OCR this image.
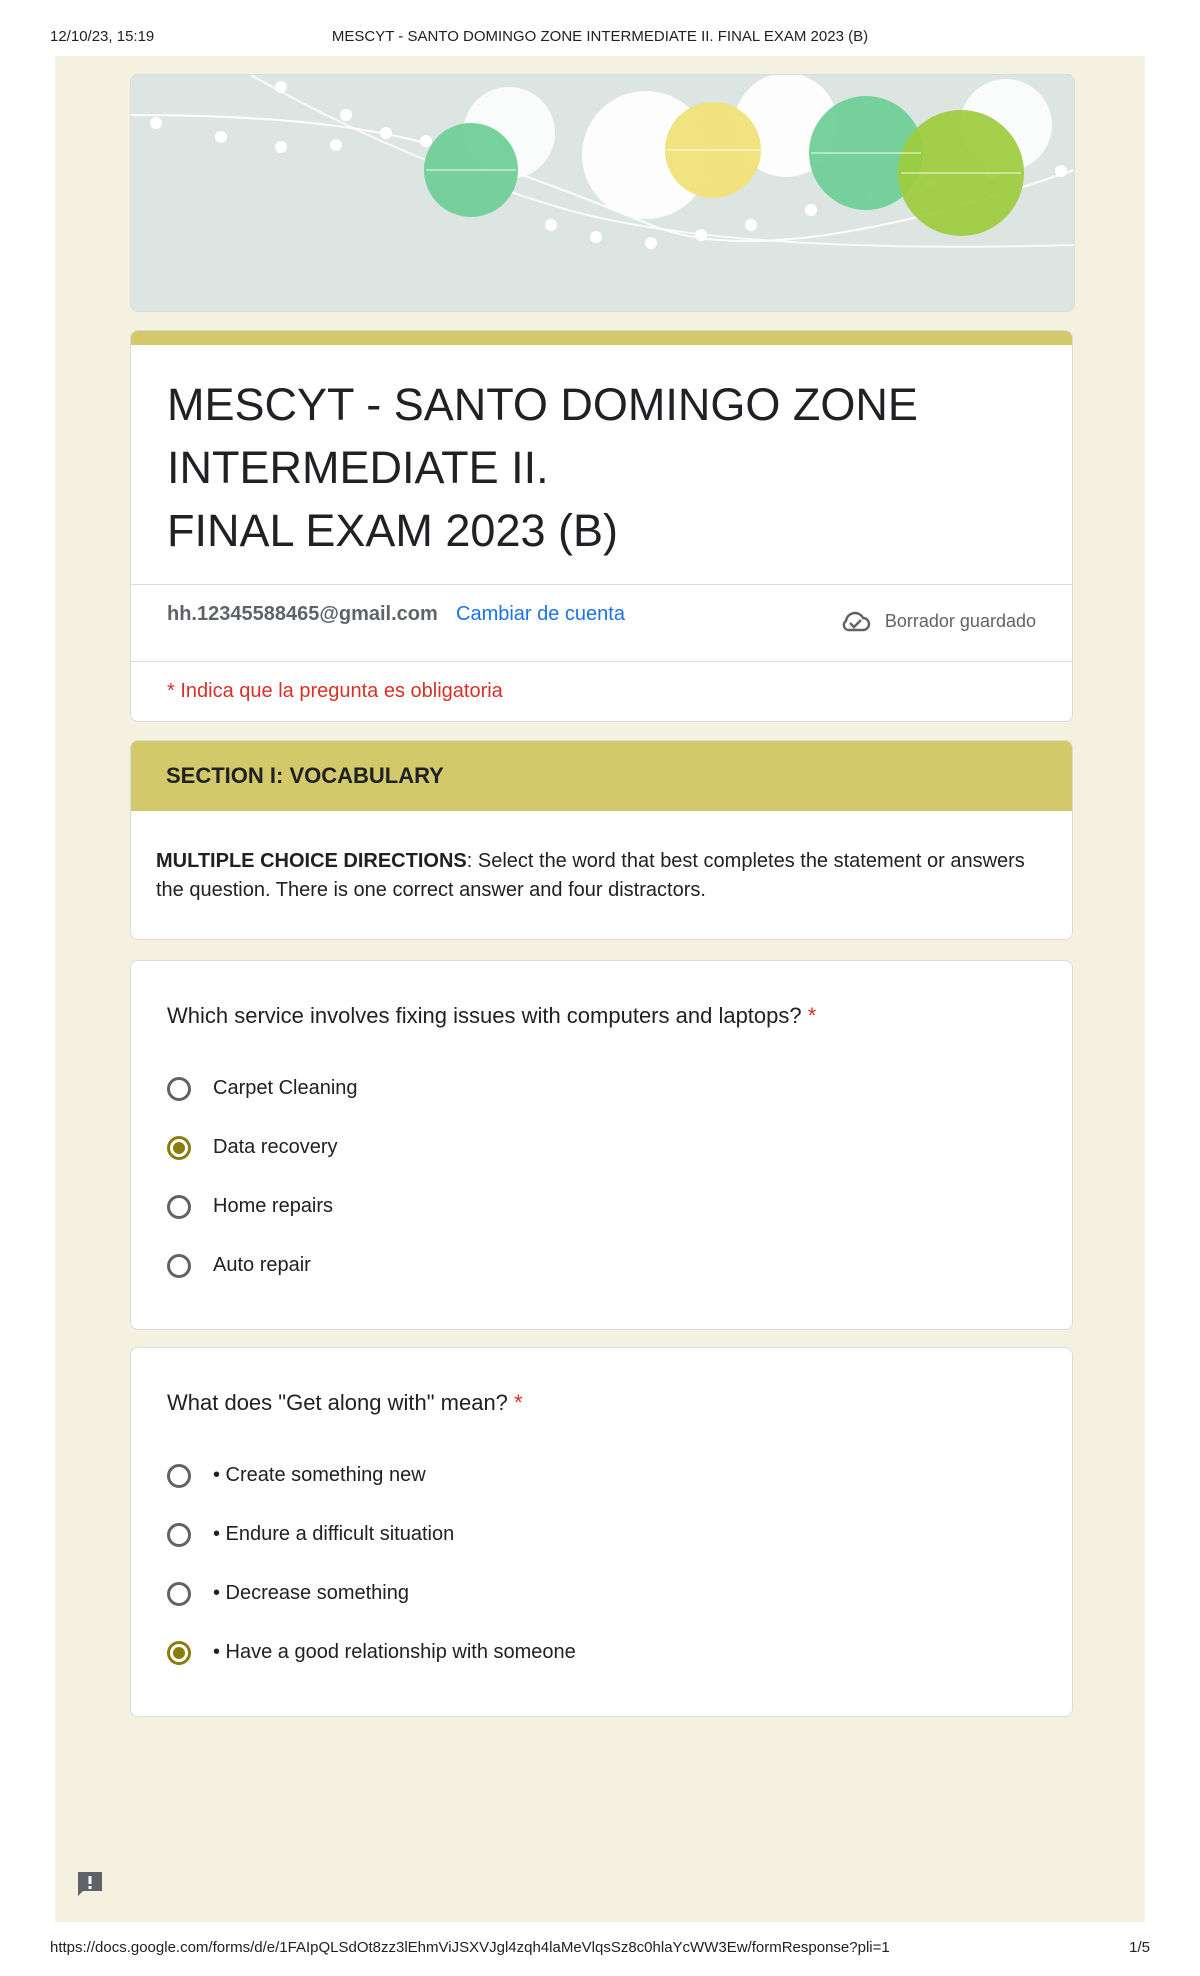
12/10/23, 15:19	MESCYT - SANTO DOMINGO ZONE INTERMEDIATE II. FINAL EXAM 2023 (B)
MESCYT - SANTO DOMINGO ZONE
INTERMEDIATE II.
FINAL EXAM 2023 (B)
hh.12345588465@gmail.com Cambiar de cuenta	Borrador guardado
* Indica que la pregunta es obligatoria
SECTION I: VOCABULARY
MULTIPLE CHOICE DIRECTIONS: Select the word that best completes the statement or answers the question. There is one correct answer and four distractors.
Which service involves fixing issues with computers and laptops? *
Carpet Cleaning
Data recovery
Home repairs
Auto repair
What does "Get along with" mean? *
• Create something new
• Endure a difficult situation
• Decrease something
• Have a good relationship with someone
https://docs.google.com/forms/d/e/1FAIpQLSdOt8zz3lEhmViJSXVJgl4zqh4laMeVlqsSz8c0hlaYcWW3Ew/formResponse?pli=1	1/5
